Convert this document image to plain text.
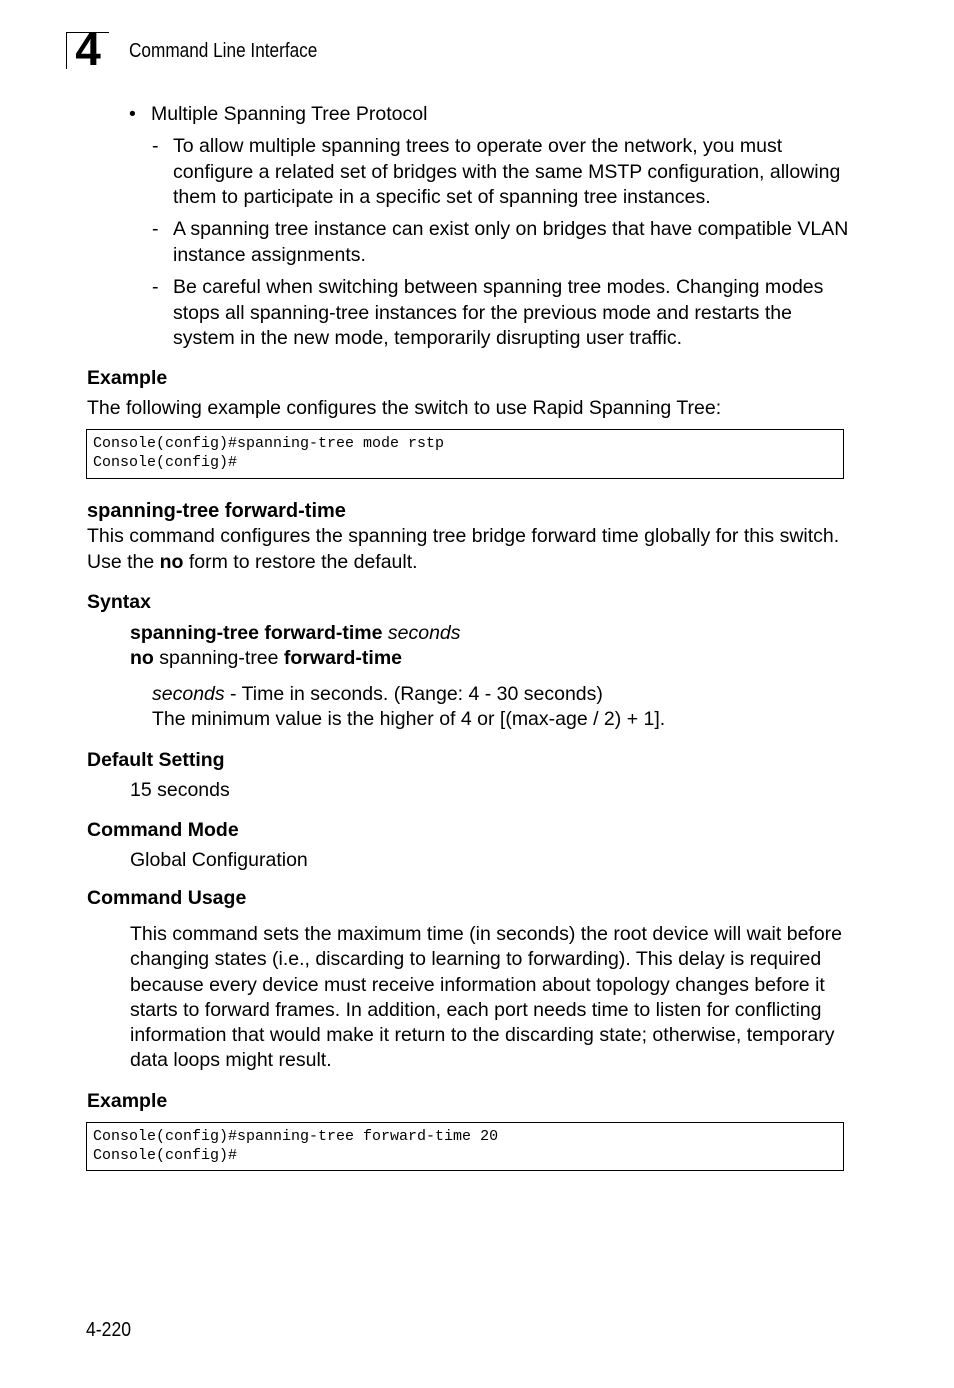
4	Command Line Interface
• Multiple Spanning Tree Protocol
- To allow multiple spanning trees to operate over the network, you must configure a related set of bridges with the same MSTP configuration, allowing them to participate in a specific set of spanning tree instances.
- A spanning tree instance can exist only on bridges that have compatible VLAN instance assignments.
- Be careful when switching between spanning tree modes. Changing modes stops all spanning-tree instances for the previous mode and restarts the system in the new mode, temporarily disrupting user traffic.
Example
The following example configures the switch to use Rapid Spanning Tree:
Console(config)#spanning-tree mode rstp
Console(config)#
spanning-tree forward-time
This command configures the spanning tree bridge forward time globally for this switch. Use the no form to restore the default.
Syntax
spanning-tree forward-time seconds
no spanning-tree forward-time
seconds - Time in seconds. (Range: 4 - 30 seconds)
The minimum value is the higher of 4 or [(max-age / 2) + 1].
Default Setting
15 seconds
Command Mode
Global Configuration
Command Usage
This command sets the maximum time (in seconds) the root device will wait before changing states (i.e., discarding to learning to forwarding). This delay is required because every device must receive information about topology changes before it starts to forward frames. In addition, each port needs time to listen for conflicting information that would make it return to the discarding state; otherwise, temporary data loops might result.
Example
Console(config)#spanning-tree forward-time 20
Console(config)#
4-220
